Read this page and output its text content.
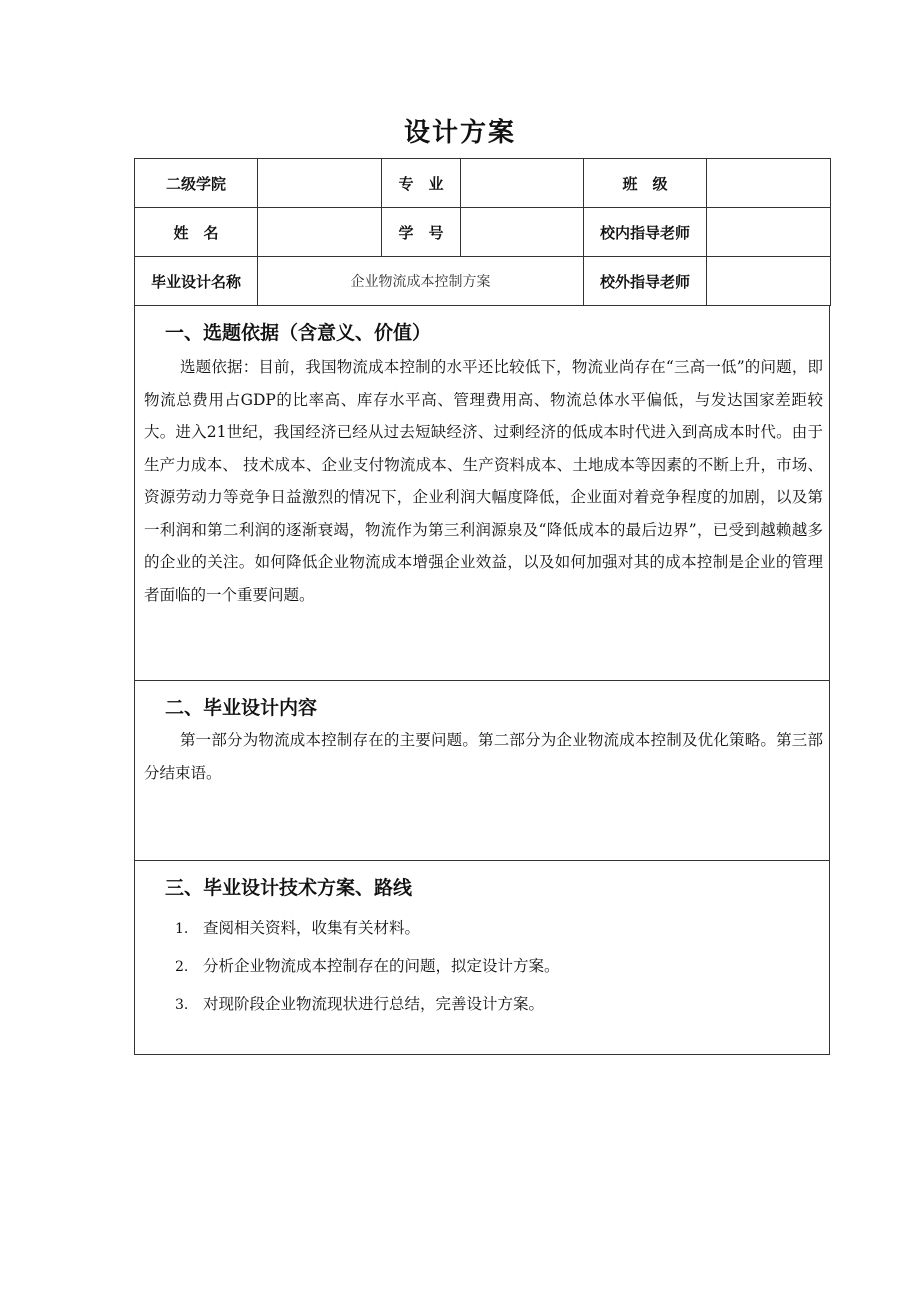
设计方案
二级学院		专　业		班　级	
姓　名		学　号		校内指导老师	
毕业设计名称	企业物流成本控制方案			校外指导老师	

一、选题依据（含意义、价值）

选题依据：目前，我国物流成本控制的水平还比较低下，物流业尚存在“三高一低”的问题，即物流总费用占GDP的比率高、库存水平高、管理费用高、物流总体水平偏低，与发达国家差距较大。进入21世纪，我国经济已经从过去短缺经济、过剩经济的低成本时代进入到高成本时代。由于生产力成本、 技术成本、企业支付物流成本、生产资料成本、土地成本等因素的不断上升，市场、 资源劳动力等竞争日益激烈的情况下，企业利润大幅度降低，企业面对着竞争程度的加剧，以及第一利润和第二利润的逐渐衰竭，物流作为第三利润源泉及“降低成本的最后边界”，已受到越赖越多的企业的关注。如何降低企业物流成本增强企业效益，以及如何加强对其的成本控制是企业的管理者面临的一个重要问题。

二、毕业设计内容

第一部分为物流成本控制存在的主要问题。第二部分为企业物流成本控制及优化策略。第三部分结束语。

三、毕业设计技术方案、路线

1. 查阅相关资料，收集有关材料。
2. 分析企业物流成本控制存在的问题，拟定设计方案。
3. 对现阶段企业物流现状进行总结，完善设计方案。
